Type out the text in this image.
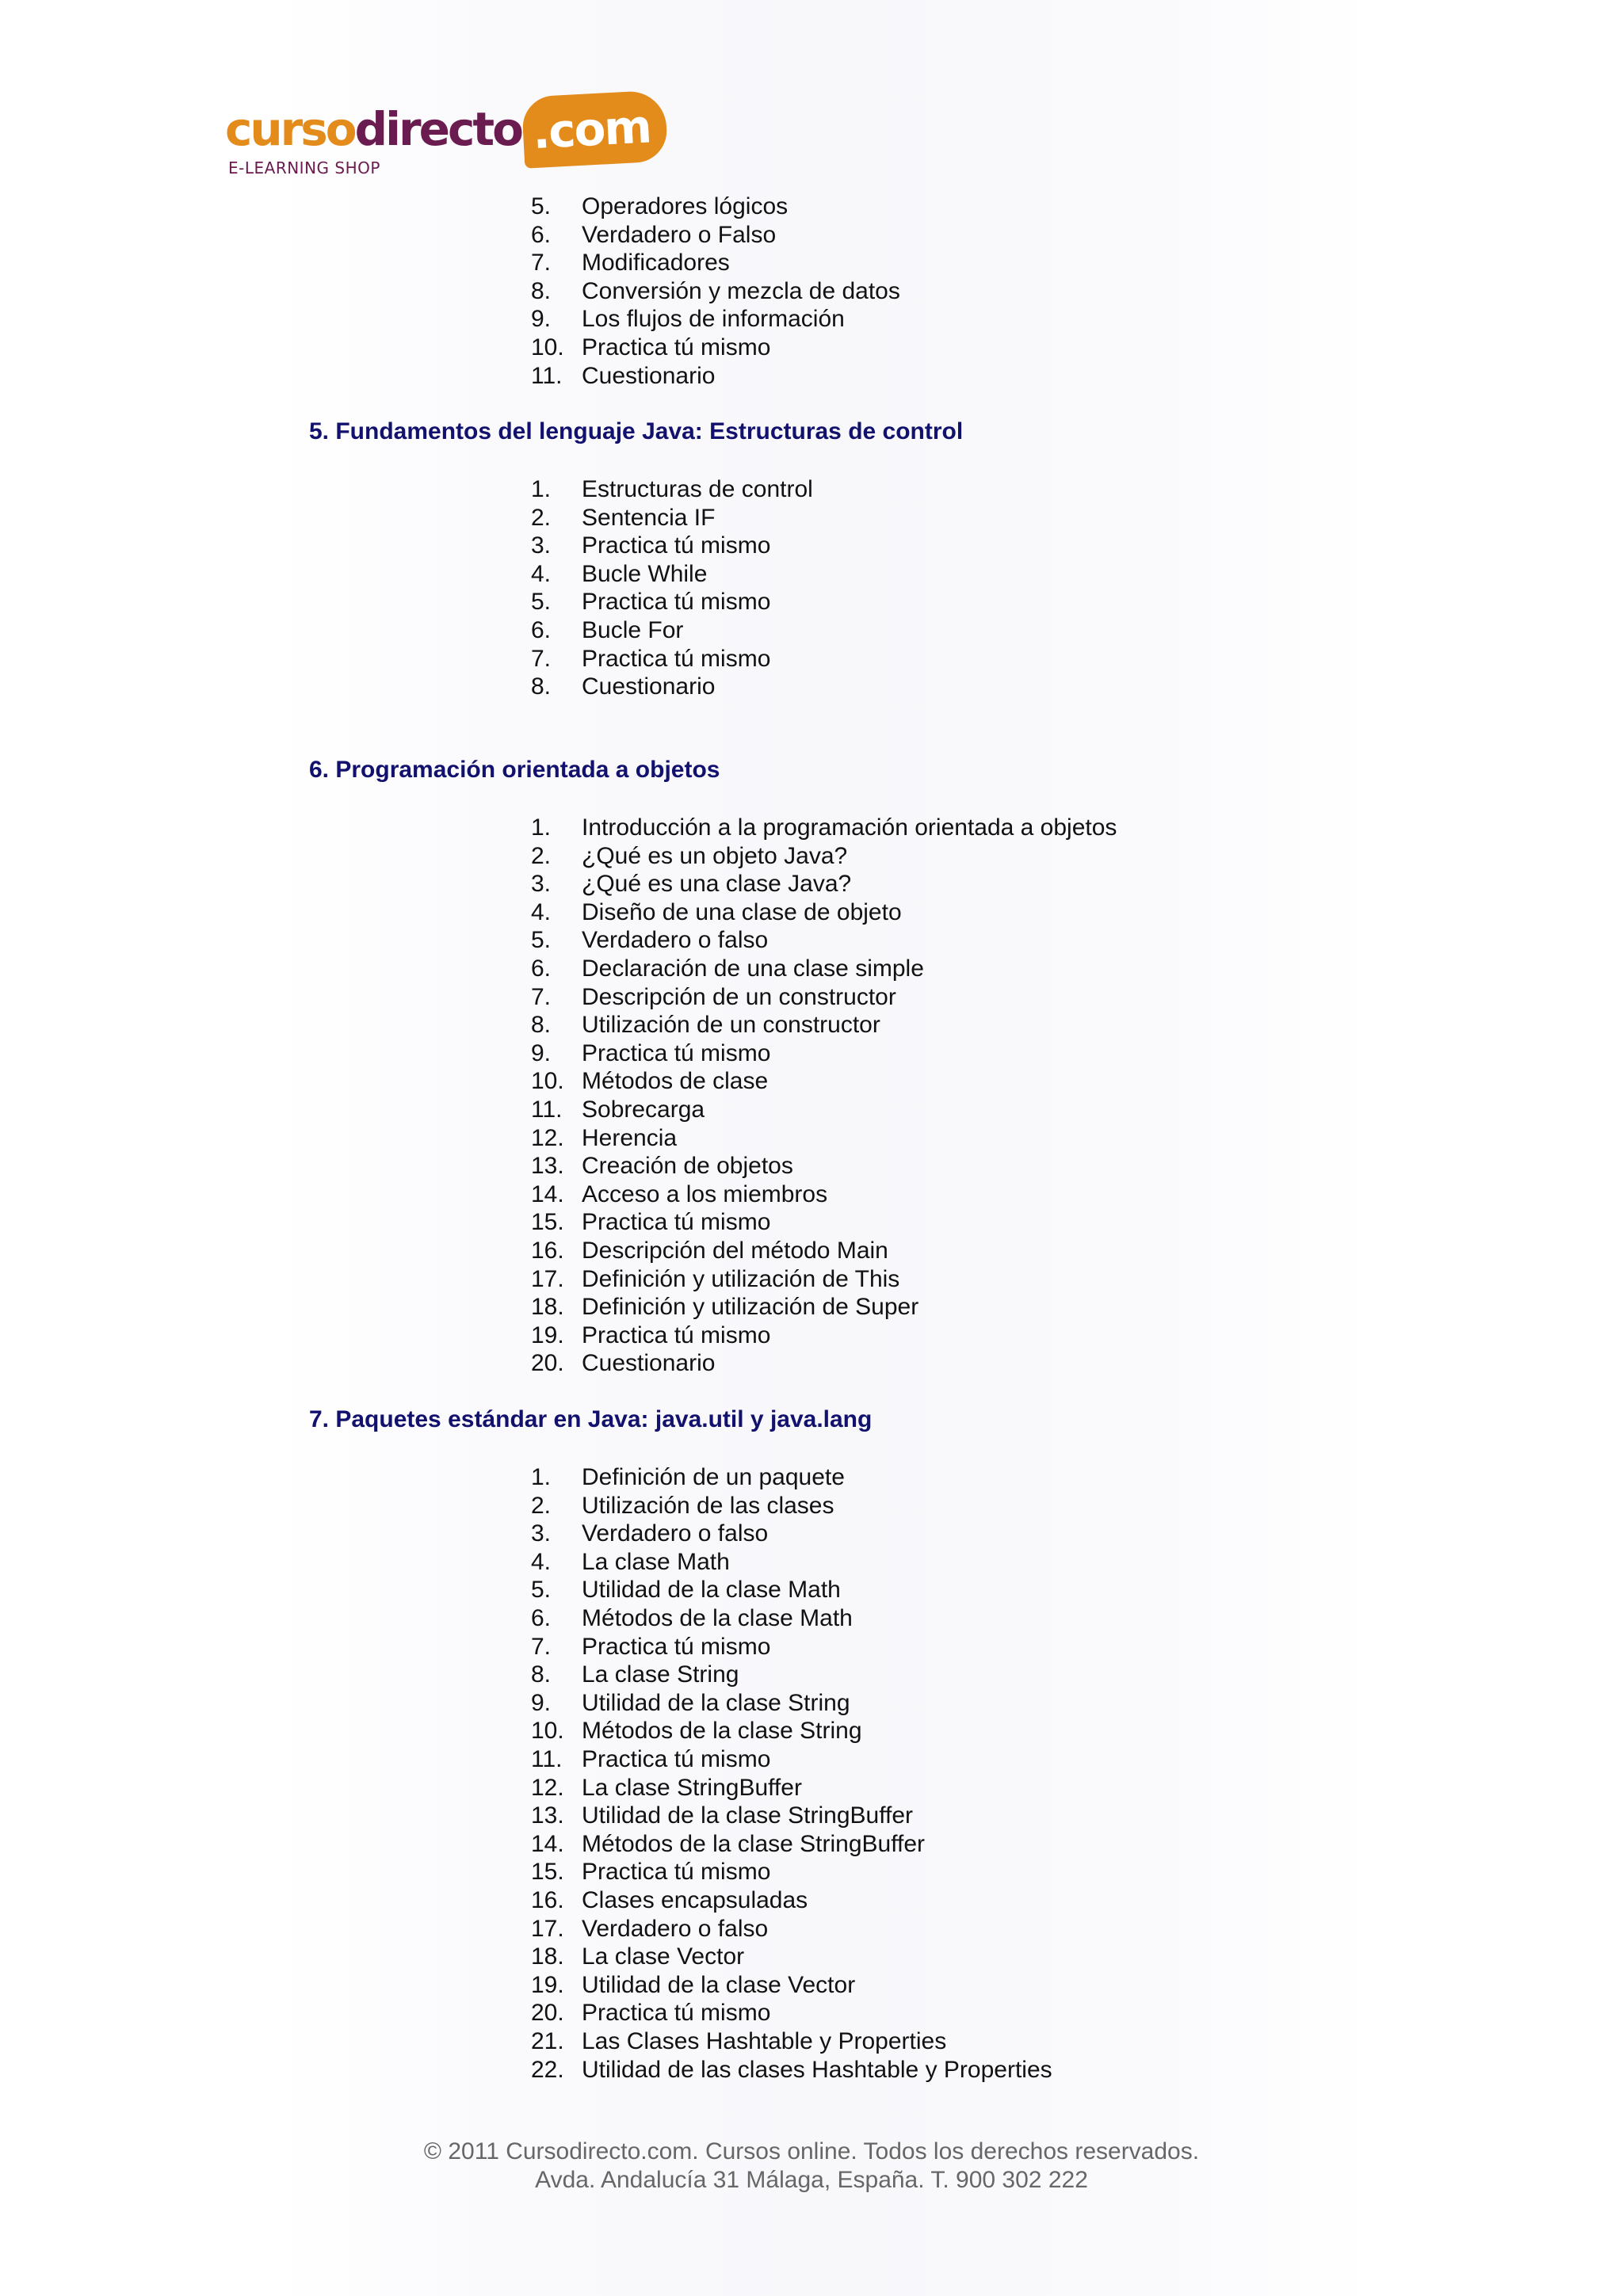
cursodirecto .com
E-LEARNING SHOP
5.	Operadores lógicos
6.	Verdadero o Falso
7.	Modificadores
8.	Conversión y mezcla de datos
9.	Los flujos de información
10. Practica tú mismo
11. Cuestionario
5. Fundamentos del lenguaje Java: Estructuras de control
1.	Estructuras de control
2.	Sentencia IF
3.	Practica tú mismo
4.	Bucle While
5.	Practica tú mismo
6.	Bucle For
7.	Practica tú mismo
8.	Cuestionario
6. Programación orientada a objetos
1.	Introducción a la programación orientada a objetos
2.	¿Qué es un objeto Java?
3.	¿Qué es una clase Java?
4.	Diseño de una clase de objeto
5.	Verdadero o falso
6.	Declaración de una clase simple
7.	Descripción de un constructor
8.	Utilización de un constructor
9.	Practica tú mismo
10. Métodos de clase
11. Sobrecarga
12. Herencia
13. Creación de objetos
14. Acceso a los miembros
15. Practica tú mismo
16. Descripción del método Main
17. Definición y utilización de This
18. Definición y utilización de Super
19. Practica tú mismo
20. Cuestionario
7. Paquetes estándar en Java: java.util y java.lang
1.	Definición de un paquete
2.	Utilización de las clases
3.	Verdadero o falso
4.	La clase Math
5.	Utilidad de la clase Math
6.	Métodos de la clase Math
7.	Practica tú mismo
8.	La clase String
9.	Utilidad de la clase String
10. Métodos de la clase String
11. Practica tú mismo
12. La clase StringBuffer
13. Utilidad de la clase StringBuffer
14. Métodos de la clase StringBuffer
15. Practica tú mismo
16. Clases encapsuladas
17. Verdadero o falso
18. La clase Vector
19. Utilidad de la clase Vector
20. Practica tú mismo
21. Las Clases Hashtable y Properties
22. Utilidad de las clases Hashtable y Properties
© 2011 Cursodirecto.com. Cursos online. Todos los derechos reservados.
Avda. Andalucía 31 Málaga, España. T. 900 302 222
